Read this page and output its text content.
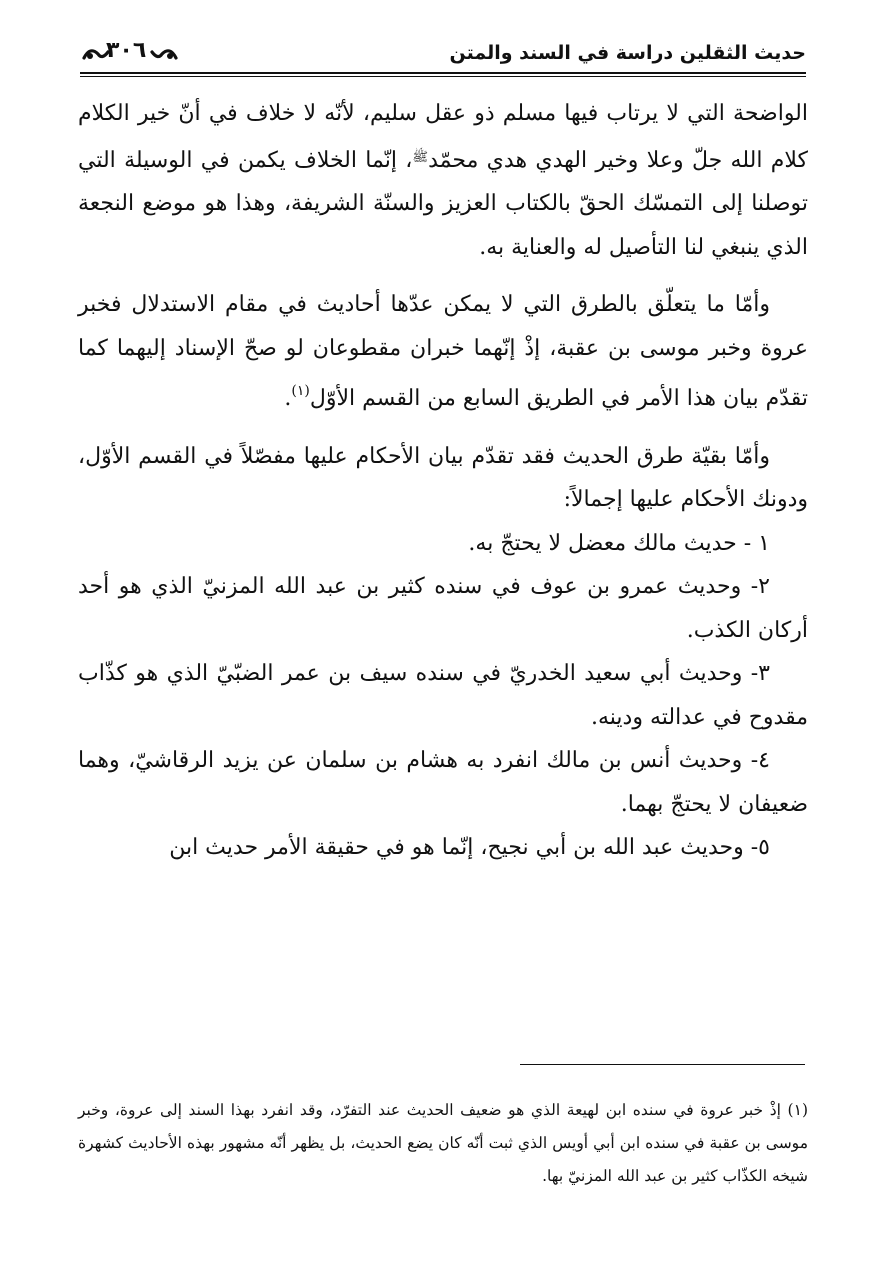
حديث الثقلين دراسة في السند والمتن
٣٠٦

الواضحة التي لا يرتاب فيها مسلم ذو عقل سليم، لأنّه لا خلاف في أنّ خير الكلام كلام الله جلّ وعلا وخير الهدي هدي محمّد$^ﷺ$، إنّما الخلاف يكمن في الوسيلة التي توصلنا إلى التمسّك الحقّ بالكتاب العزيز والسنّة الشريفة، وهذا هو موضع النجعة الذي ينبغي لنا التأصيل له والعناية به.

وأمّا ما يتعلّق بالطرق التي لا يمكن عدّها أحاديث في مقام الاستدلال فخبر عروة وخبر موسى بن عقبة، إذْ إنّهما خبران مقطوعان لو صحّ الإسناد إليهما كما تقدّم بيان هذا الأمر في الطريق السابع من القسم الأوّل$^{(١)}$.

وأمّا بقيّة طرق الحديث فقد تقدّم بيان الأحكام عليها مفصّلاً في القسم الأوّل، ودونك الأحكام عليها إجمالاً:

١ - حديث مالك معضل لا يحتجّ به.

٢- وحديث عمرو بن عوف في سنده كثير بن عبد الله المزنيّ الذي هو أحد أركان الكذب.

٣- وحديث أبي سعيد الخدريّ في سنده سيف بن عمر الضبّيّ الذي هو كذّاب مقدوح في عدالته ودينه.

٤- وحديث أنس بن مالك انفرد به هشام بن سلمان عن يزيد الرقاشيّ، وهما ضعيفان لا يحتجّ بهما.

٥- وحديث عبد الله بن أبي نجيح، إنّما هو في حقيقة الأمر حديث ابن

(١) إذْ خبر عروة في سنده ابن لهيعة الذي هو ضعيف الحديث عند التفرّد، وقد انفرد بهذا السند إلى عروة، وخبر موسى بن عقبة في سنده ابن أبي أويس الذي ثبت أنّه كان يضع الحديث، بل يظهر أنّه مشهور بهذه الأحاديث كشهرة شيخه الكذّاب كثير بن عبد الله المزنيّ بها.
